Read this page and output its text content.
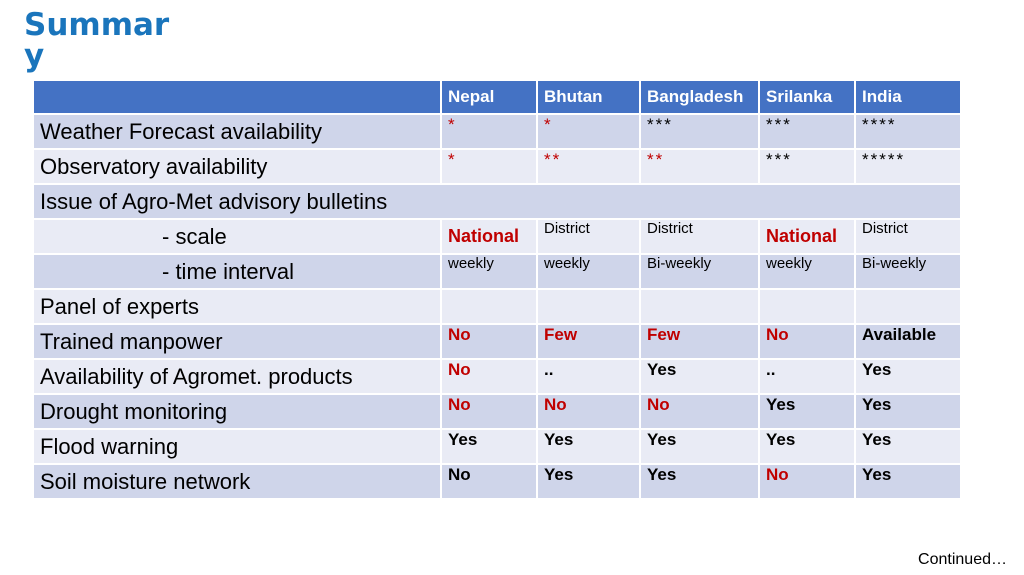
Summary
	Nepal	Bhutan	Bangladesh	Srilanka	India
Weather Forecast availability	*	*	***	***	****
Observatory availability	*	**	**	***	*****
Issue of Agro-Met advisory bulletins					
- scale	National	District	District	National	District
- time interval	weekly	weekly	Bi-weekly	weekly	Bi-weekly
Panel of experts					
Trained manpower	No	Few	Few	No	Available
Availability of Agromet. products	No	..	Yes	..	Yes
Drought monitoring	No	No	No	Yes	Yes
Flood warning	Yes	Yes	Yes	Yes	Yes
Soil moisture network	No	Yes	Yes	No	Yes
Continued…
